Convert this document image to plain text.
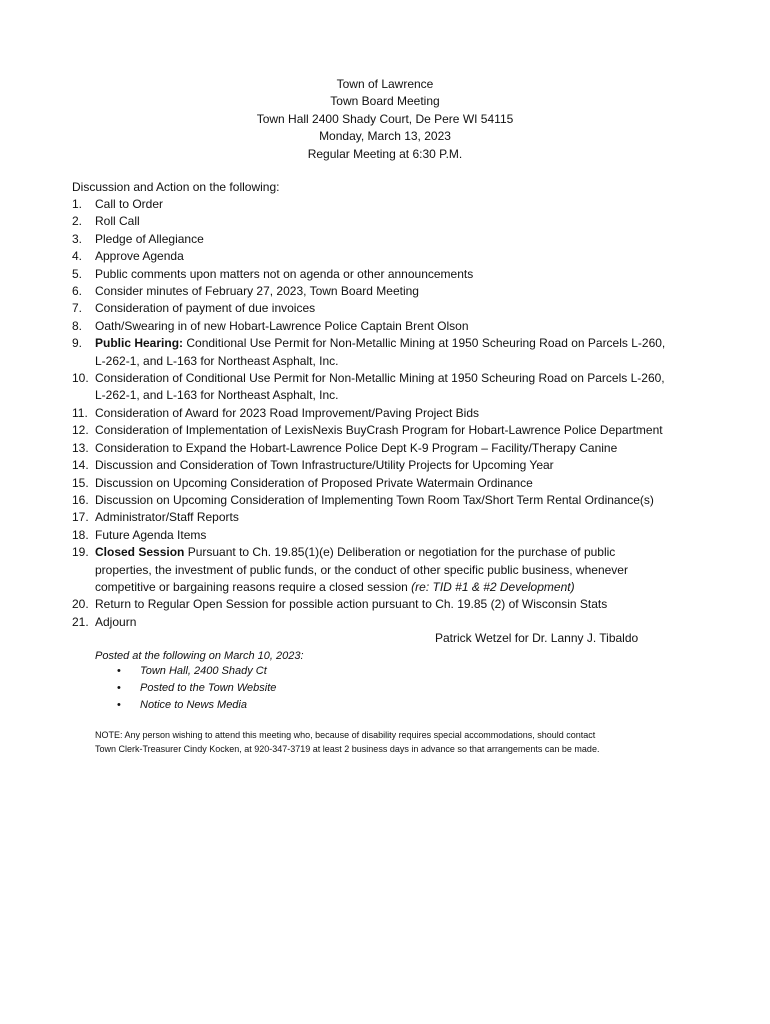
Town of Lawrence
Town Board Meeting
Town Hall 2400 Shady Court, De Pere WI 54115
Monday, March 13, 2023
Regular Meeting at 6:30 P.M.
Discussion and Action on the following:
1. Call to Order
2. Roll Call
3. Pledge of Allegiance
4. Approve Agenda
5. Public comments upon matters not on agenda or other announcements
6. Consider minutes of February 27, 2023, Town Board Meeting
7. Consideration of payment of due invoices
8. Oath/Swearing in of new Hobart-Lawrence Police Captain Brent Olson
9. Public Hearing: Conditional Use Permit for Non-Metallic Mining at 1950 Scheuring Road on Parcels L-260,
L-262-1, and L-163 for Northeast Asphalt, Inc.
10. Consideration of Conditional Use Permit for Non-Metallic Mining at 1950 Scheuring Road on Parcels L-260,
L-262-1, and L-163 for Northeast Asphalt, Inc.
11. Consideration of Award for 2023 Road Improvement/Paving Project Bids
12. Consideration of Implementation of LexisNexis BuyCrash Program for Hobart-Lawrence Police Department
13. Consideration to Expand the Hobart-Lawrence Police Dept K-9 Program – Facility/Therapy Canine
14. Discussion and Consideration of Town Infrastructure/Utility Projects for Upcoming Year
15. Discussion on Upcoming Consideration of Proposed Private Watermain Ordinance
16. Discussion on Upcoming Consideration of Implementing Town Room Tax/Short Term Rental Ordinance(s)
17. Administrator/Staff Reports
18. Future Agenda Items
19. Closed Session Pursuant to Ch. 19.85(1)(e) Deliberation or negotiation for the purchase of public
properties, the investment of public funds, or the conduct of other specific public business, whenever
competitive or bargaining reasons require a closed session (re: TID #1 & #2 Development)
20. Return to Regular Open Session for possible action pursuant to Ch. 19.85 (2) of Wisconsin Stats
21. Adjourn
Patrick Wetzel for Dr. Lanny J. Tibaldo
Posted at the following on March 10, 2023:
• Town Hall, 2400 Shady Ct
• Posted to the Town Website
• Notice to News Media
NOTE: Any person wishing to attend this meeting who, because of disability requires special accommodations, should contact
Town Clerk-Treasurer Cindy Kocken, at 920-347-3719 at least 2 business days in advance so that arrangements can be made.
